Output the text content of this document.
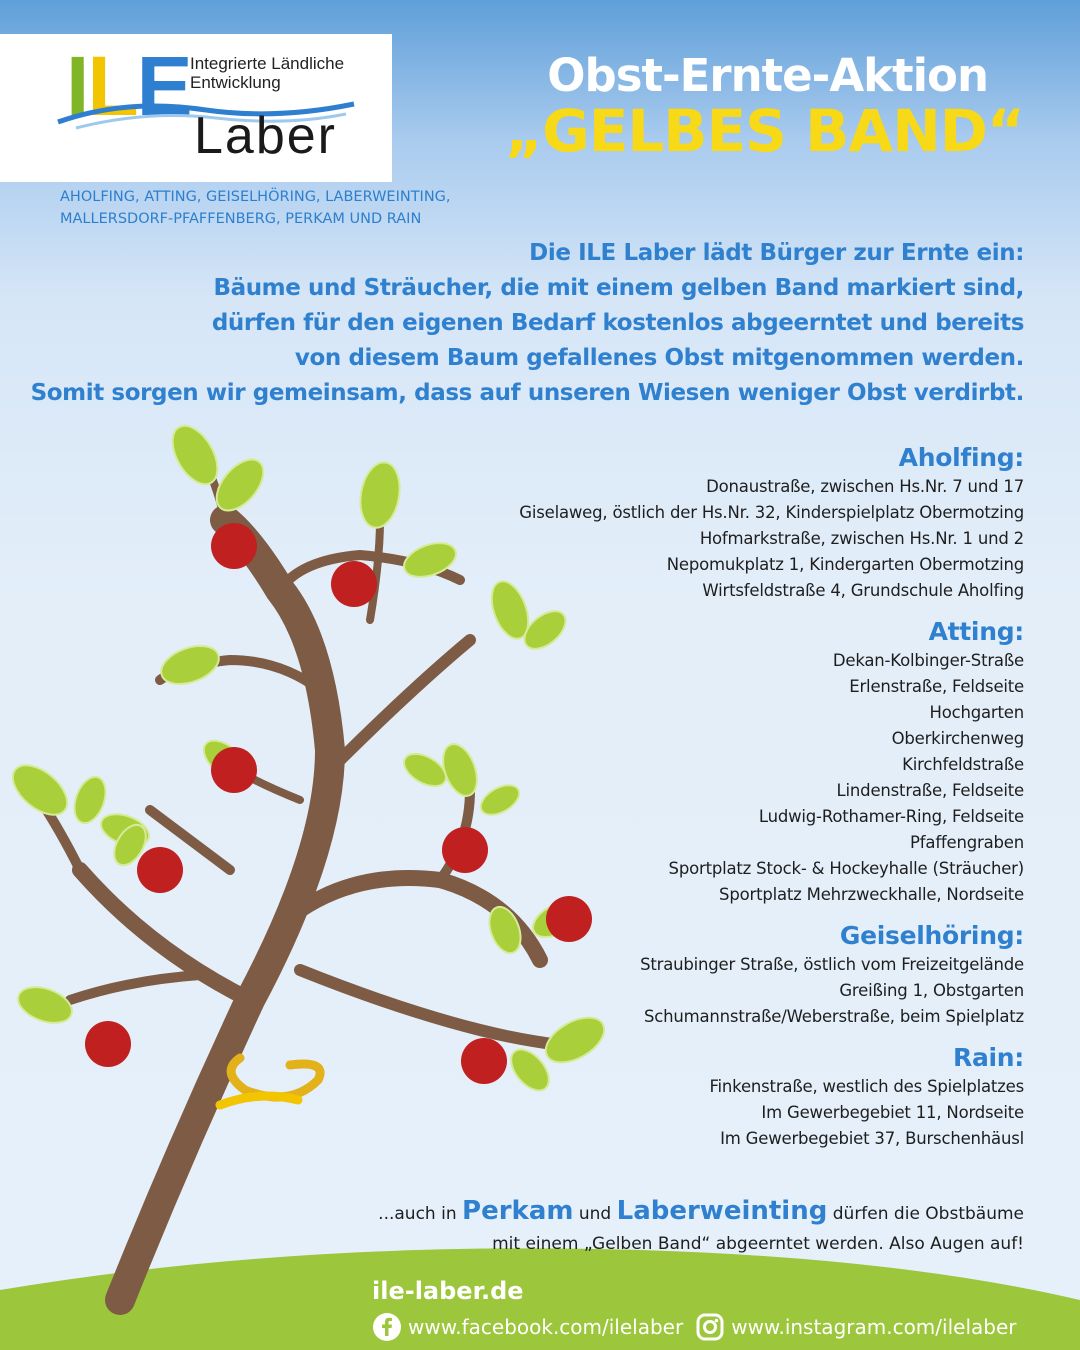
ILE Integrierte Ländliche
Entwicklung
Laber
AHOLFING, ATTING, GEISELHÖRING, LABERWEINTING, MALLERSDORF-PFAFFENBERG, PERKAM UND RAIN
Obst-Ernte-Aktion
„GELBES BAND“
Die ILE Laber lädt Bürger zur Ernte ein:
Bäume und Sträucher, die mit einem gelben Band markiert sind,
dürfen für den eigenen Bedarf kostenlos abgeerntet und bereits
von diesem Baum gefallenes Obst mitgenommen werden.
Somit sorgen wir gemeinsam, dass auf unseren Wiesen weniger Obst verdirbt.

Aholfing:

Donaustraße, zwischen Hs.Nr. 7 und 17

Giselaweg, östlich der Hs.Nr. 32, Kinderspielplatz Obermotzing

Hofmarkstraße, zwischen Hs.Nr. 1 und 2

Nepomukplatz 1, Kindergarten Obermotzing

Wirtsfeldstraße 4, Grundschule Aholfing

Atting:

Dekan-Kolbinger-Straße

Erlenstraße, Feldseite

Hochgarten

Oberkirchenweg

Kirchfeldstraße

Lindenstraße, Feldseite

Ludwig-Rothamer-Ring, Feldseite

Pfaffengraben

Sportplatz Stock- & Hockeyhalle (Sträucher)

Sportplatz Mehrzweckhalle, Nordseite

Geiselhöring:

Straubinger Straße, östlich vom Freizeitgelände

Greißing 1, Obstgarten

Schumannstraße/Weberstraße, beim Spielplatz

Rain:

Finkenstraße, westlich des Spielplatzes

Im Gewerbegebiet 11, Nordseite

Im Gewerbegebiet 37, Burschenhäusl

...auch in Perkam und Laberweinting dürfen die Obstbäume
mit einem „Gelben Band“ abgeerntet werden. Also Augen auf!
ile-laber.de
www.facebook.com/ilelaber www.instagram.com/ilelaber
